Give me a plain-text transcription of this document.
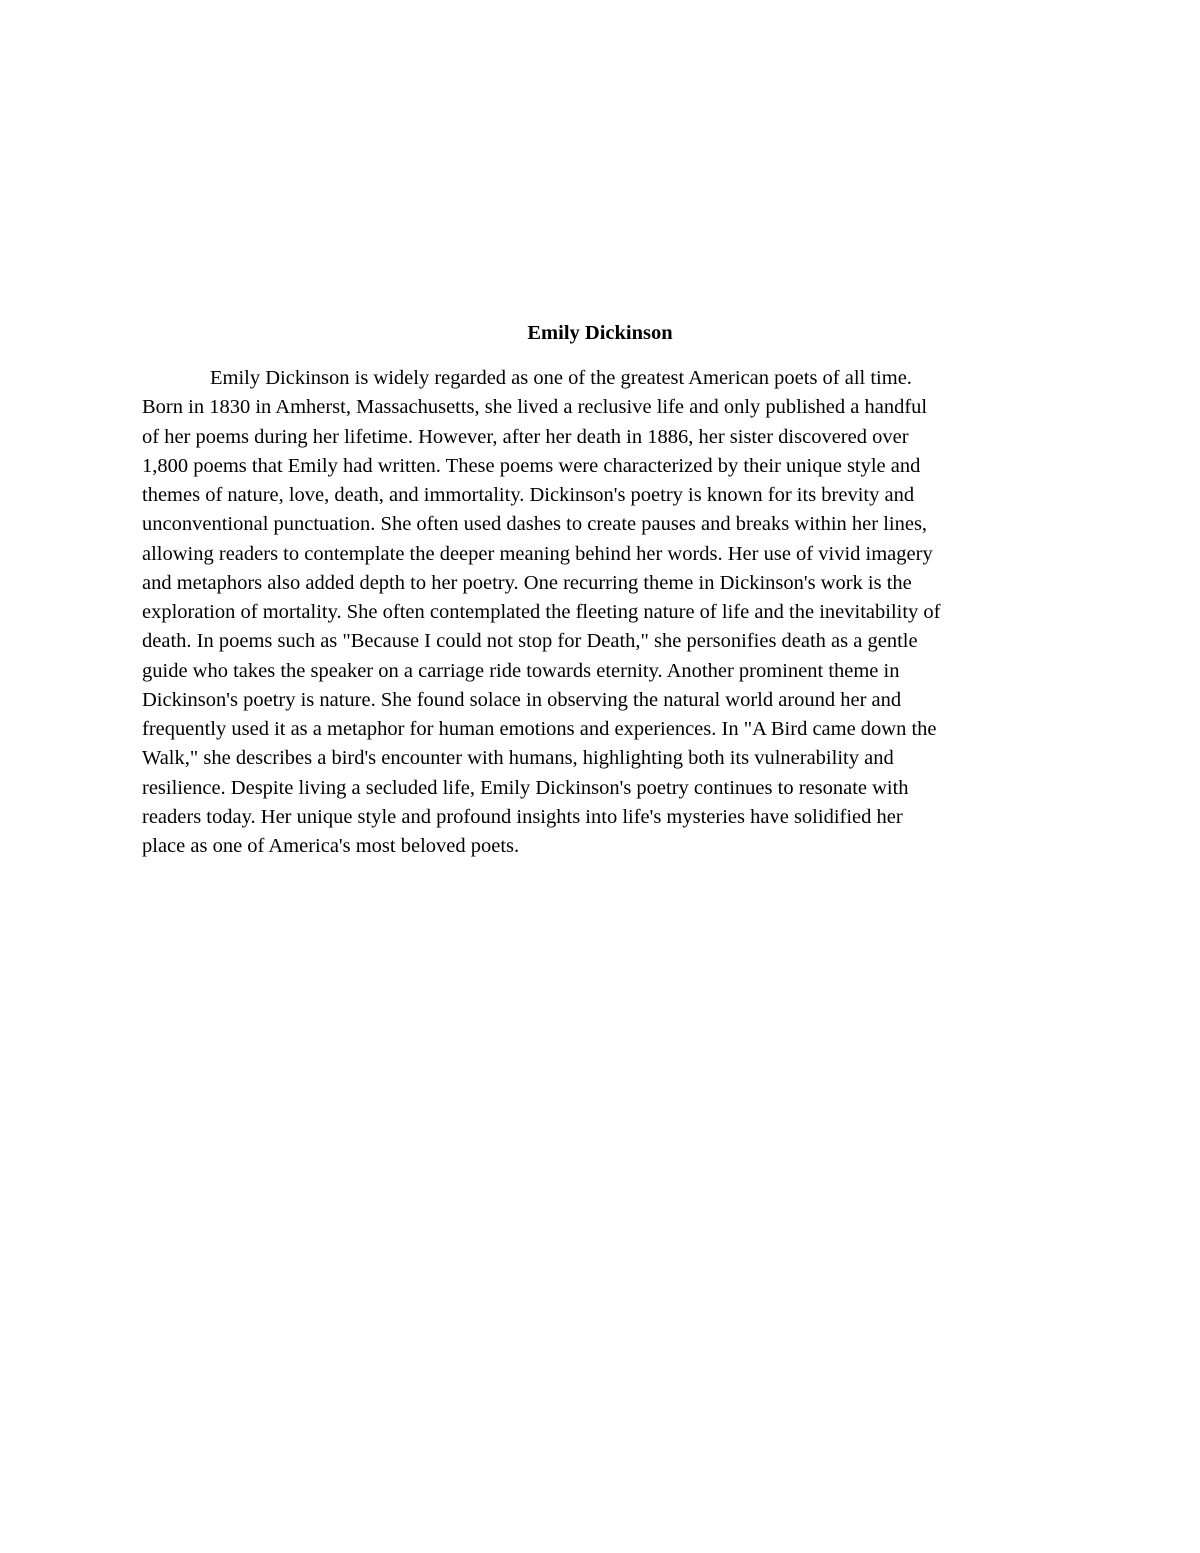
Emily Dickinson

Emily Dickinson is widely regarded as one of the greatest American poets of all time.
Born in 1830 in Amherst, Massachusetts, she lived a reclusive life and only published a handful
of her poems during her lifetime. However, after her death in 1886, her sister discovered over
1,800 poems that Emily had written. These poems were characterized by their unique style and
themes of nature, love, death, and immortality. Dickinson's poetry is known for its brevity and
unconventional punctuation. She often used dashes to create pauses and breaks within her lines,
allowing readers to contemplate the deeper meaning behind her words. Her use of vivid imagery
and metaphors also added depth to her poetry. One recurring theme in Dickinson's work is the
exploration of mortality. She often contemplated the fleeting nature of life and the inevitability of
death. In poems such as "Because I could not stop for Death," she personifies death as a gentle
guide who takes the speaker on a carriage ride towards eternity. Another prominent theme in
Dickinson's poetry is nature. She found solace in observing the natural world around her and
frequently used it as a metaphor for human emotions and experiences. In "A Bird came down the
Walk," she describes a bird's encounter with humans, highlighting both its vulnerability and
resilience. Despite living a secluded life, Emily Dickinson's poetry continues to resonate with
readers today. Her unique style and profound insights into life's mysteries have solidified her
place as one of America's most beloved poets.
